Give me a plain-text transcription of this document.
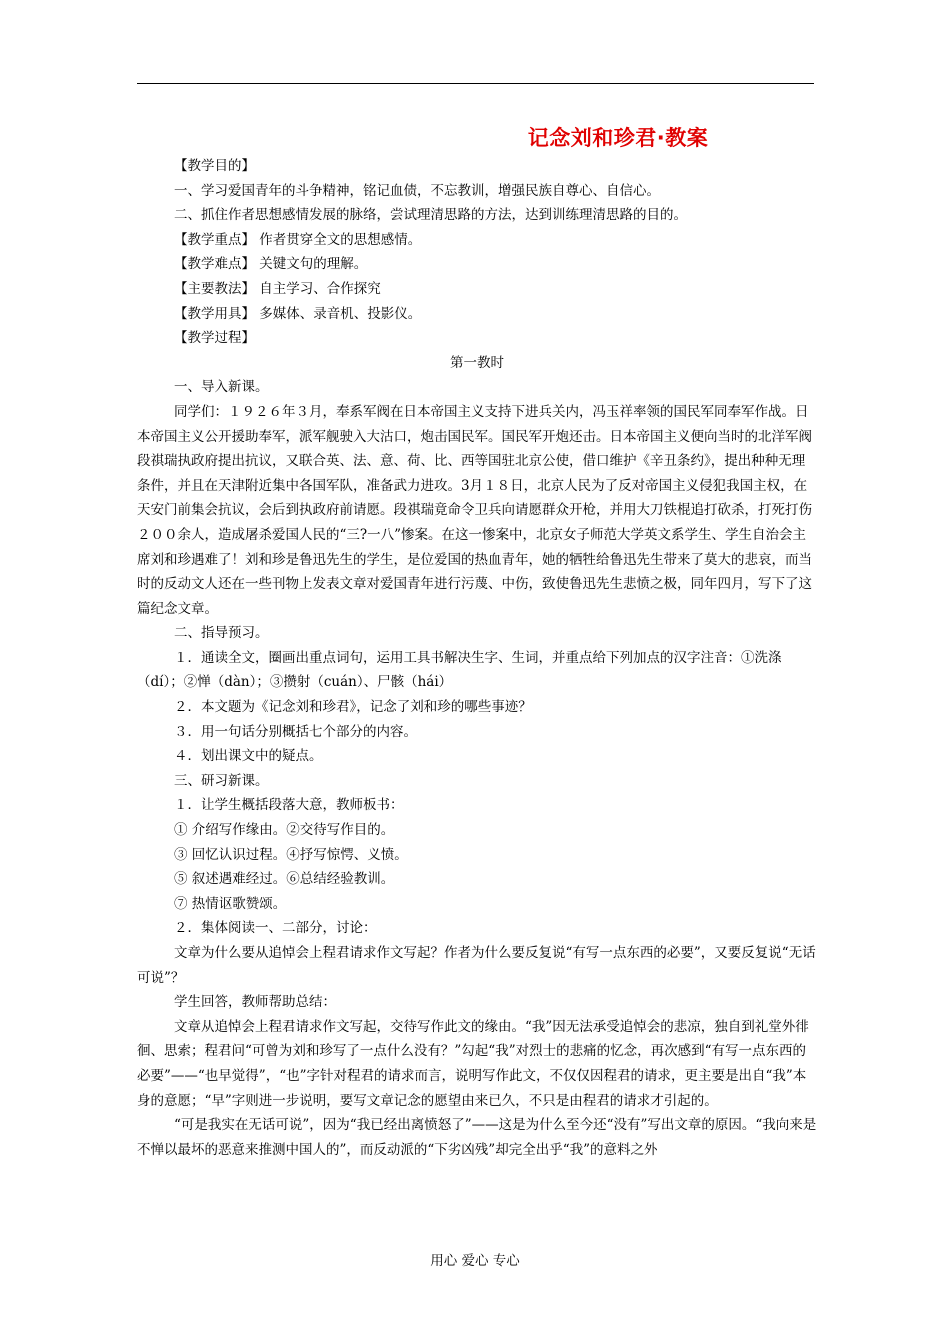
记念刘和珍君·教案

【教学目的】

一、学习爱国青年的斗争精神，铭记血债，不忘教训，增强民族自尊心、自信心。

二、抓住作者思想感情发展的脉络，尝试理清思路的方法，达到训练理清思路的目的。

【教学重点】 作者贯穿全文的思想感情。

【教学难点】 关键文句的理解。

【主要教法】 自主学习、合作探究

【教学用具】 多媒体、录音机、投影仪。

【教学过程】

第一教时

一、导入新课。

同学们：１９２６年３月，奉系军阀在日本帝国主义支持下进兵关内，冯玉祥率领的国民军同奉军作战。日本帝国主义公开援助奉军，派军舰驶入大沽口，炮击国民军。国民军开炮还击。日本帝国主义便向当时的北洋军阀段祺瑞执政府提出抗议，又联合英、法、意、荷、比、西等国驻北京公使，借口维护《辛丑条约》，提出种种无理条件，并且在天津附近集中各国军队，准备武力进攻。3月１８日，北京人民为了反对帝国主义侵犯我国主权，在天安门前集会抗议，会后到执政府前请愿。段祺瑞竟命令卫兵向请愿群众开枪，并用大刀铁棍追打砍杀，打死打伤２００余人，造成屠杀爱国人民的“三?一八”惨案。在这一惨案中，北京女子师范大学英文系学生、学生自治会主席刘和珍遇难了！刘和珍是鲁迅先生的学生，是位爱国的热血青年，她的牺牲给鲁迅先生带来了莫大的悲哀，而当时的反动文人还在一些刊物上发表文章对爱国青年进行污蔑、中伤，致使鲁迅先生悲愤之极，同年四月，写下了这篇纪念文章。

二、指导预习。

１．通读全文，圈画出重点词句，运用工具书解决生字、生词，并重点给下列加点的汉字注音：①洗涤（dí）；②惮（dàn）；③攒射（cuán）、尸骸（hái）

２．本文题为《记念刘和珍君》，记念了刘和珍的哪些事迹？

３．用一句话分别概括七个部分的内容。

４．划出课文中的疑点。

三、研习新课。

１．让学生概括段落大意，教师板书：

① 介绍写作缘由。②交待写作目的。

③ 回忆认识过程。④抒写惊愕、义愤。

⑤ 叙述遇难经过。⑥总结经验教训。

⑦ 热情讴歌赞颂。

２．集体阅读一、二部分，讨论：

文章为什么要从追悼会上程君请求作文写起？作者为什么要反复说“有写一点东西的必要”，又要反复说“无话可说”？

学生回答，教师帮助总结：

文章从追悼会上程君请求作文写起，交待写作此文的缘由。“我”因无法承受追悼会的悲凉，独自到礼堂外徘徊、思索；程君问“可曾为刘和珍写了一点什么没有？”勾起“我”对烈士的悲痛的忆念，再次感到“有写一点东西的必要”——“也早觉得”，“也”字针对程君的请求而言，说明写作此文，不仅仅因程君的请求，更主要是出自“我”本身的意愿；“早”字则进一步说明，要写文章记念的愿望由来已久，不只是由程君的请求才引起的。

“可是我实在无话可说”，因为“我已经出离愤怒了”——这是为什么至今还“没有”写出文章的原因。“我向来是不惮以最坏的恶意来推测中国人的”，而反动派的“下劣凶残”却完全出乎“我”的意料之外

用心 爱心 专心
